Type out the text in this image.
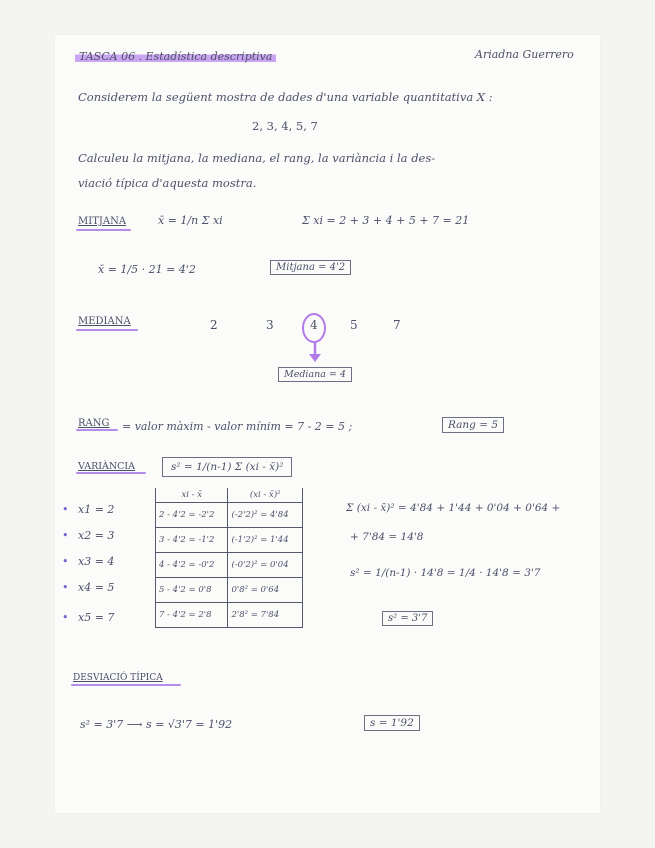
TASCA 06 . Estadística descriptiva	Ariadna Guerrero
Considerem la següent mostra de dades d'una variable quantitativa X :
2, 3, 4, 5, 7
Calculeu la mitjana, la mediana, el rang, la variància i la des-
viació típica d'aquesta mostra.
MITJANA	x̄ = 1/n Σ xi	Σ xi = 2 + 3 + 4 + 5 + 7 = 21
x̄ = 1/5 · 21 = 4'2	Mitjana = 4'2
MEDIANA	2	3	4	5	7
Mediana = 4
RANG = valor màxim - valor mínim = 7 - 2 = 5 ;	Rang = 5
VARIÀNCIA	s² = 1/(n-1) Σ (xi - x̄)²
xi - x̄	(xi - x̄)²
2 - 4'2 = -2'2	(-2'2)² = 4'84
3 - 4'2 = -1'2	(-1'2)² = 1'44
4 - 4'2 = -0'2	(-0'2)² = 0'04
5 - 4'2 = 0'8	0'8² = 0'64
7 - 4'2 = 2'8	2'8² = 7'84
• x1 = 2
• x2 = 3
• x3 = 4
• x4 = 5
• x5 = 7
Σ (xi - x̄)² = 4'84 + 1'44 + 0'04 + 0'64 +
+ 7'84 = 14'8
s² = 1/(n-1) · 14'8 = 1/4 · 14'8 = 3'7
s² = 3'7
DESVIACIÓ TÍPICA
s² = 3'7 ⟶ s = √3'7 = 1'92	s = 1'92
